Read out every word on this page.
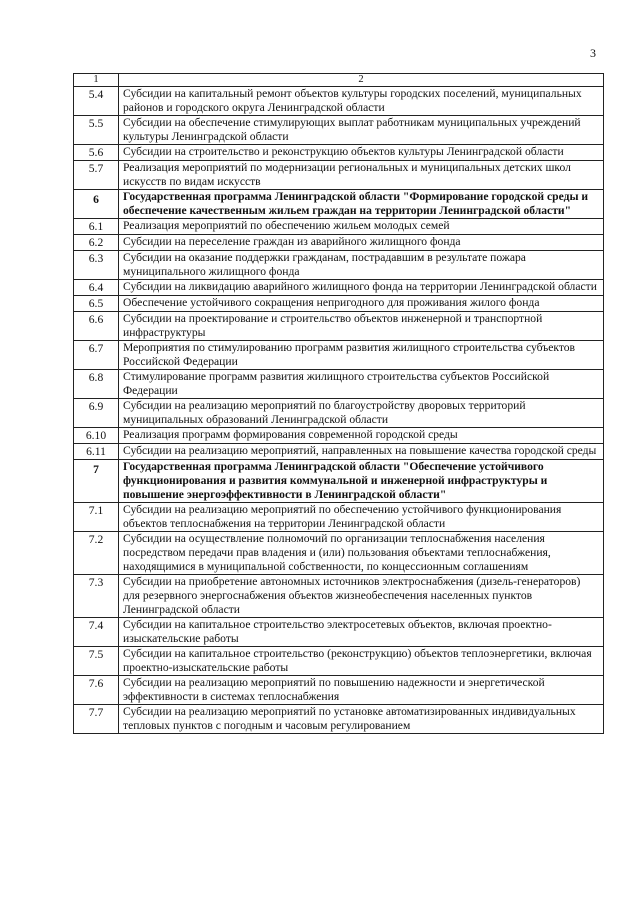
3
1	2
5.4	Субсидии на капитальный ремонт объектов культуры городских поселений, муниципальных районов и городского округа Ленинградской области
5.5	Субсидии на обеспечение стимулирующих выплат работникам муниципальных учреждений культуры Ленинградской области
5.6	Субсидии на строительство и реконструкцию объектов культуры Ленинградской области
5.7	Реализация мероприятий по модернизации региональных и муниципальных детских школ искусств по видам искусств
6	Государственная программа Ленинградской области "Формирование городской среды и обеспечение качественным жильем граждан на территории Ленинградской области"
6.1	Реализация мероприятий по обеспечению жильем молодых семей
6.2	Субсидии на переселение граждан из аварийного жилищного фонда
6.3	Субсидии на оказание поддержки гражданам, пострадавшим в результате пожара муниципального жилищного фонда
6.4	Субсидии на ликвидацию аварийного жилищного фонда на территории Ленинградской области
6.5	Обеспечение устойчивого сокращения непригодного для проживания жилого фонда
6.6	Субсидии на проектирование и строительство объектов инженерной и транспортной инфраструктуры
6.7	Мероприятия по стимулированию программ развития жилищного строительства субъектов Российской Федерации
6.8	Стимулирование программ развития жилищного строительства субъектов Российской Федерации
6.9	Субсидии на реализацию мероприятий по благоустройству дворовых территорий муниципальных образований Ленинградской области
6.10	Реализация программ формирования современной городской среды
6.11	Субсидии на реализацию мероприятий, направленных на повышение качества городской среды
7	Государственная программа Ленинградской области "Обеспечение устойчивого функционирования и развития коммунальной и инженерной инфраструктуры и повышение энергоэффективности в Ленинградской области"
7.1	Субсидии на реализацию мероприятий по обеспечению устойчивого функционирования объектов теплоснабжения на территории Ленинградской области
7.2	Субсидии на осуществление полномочий по организации теплоснабжения населения посредством передачи прав владения и (или) пользования объектами теплоснабжения, находящимися в муниципальной собственности, по концессионным соглашениям
7.3	Субсидии на приобретение автономных источников электроснабжения (дизель-генераторов) для резервного энергоснабжения объектов жизнеобеспечения населенных пунктов Ленинградской области
7.4	Субсидии на капитальное строительство электросетевых объектов, включая проектно-изыскательские работы
7.5	Субсидии на капитальное строительство (реконструкцию) объектов теплоэнергетики, включая проектно-изыскательские работы
7.6	Субсидии на реализацию мероприятий по повышению надежности и энергетической эффективности в системах теплоснабжения
7.7	Субсидии на реализацию мероприятий по установке автоматизированных индивидуальных тепловых пунктов с погодным и часовым регулированием
